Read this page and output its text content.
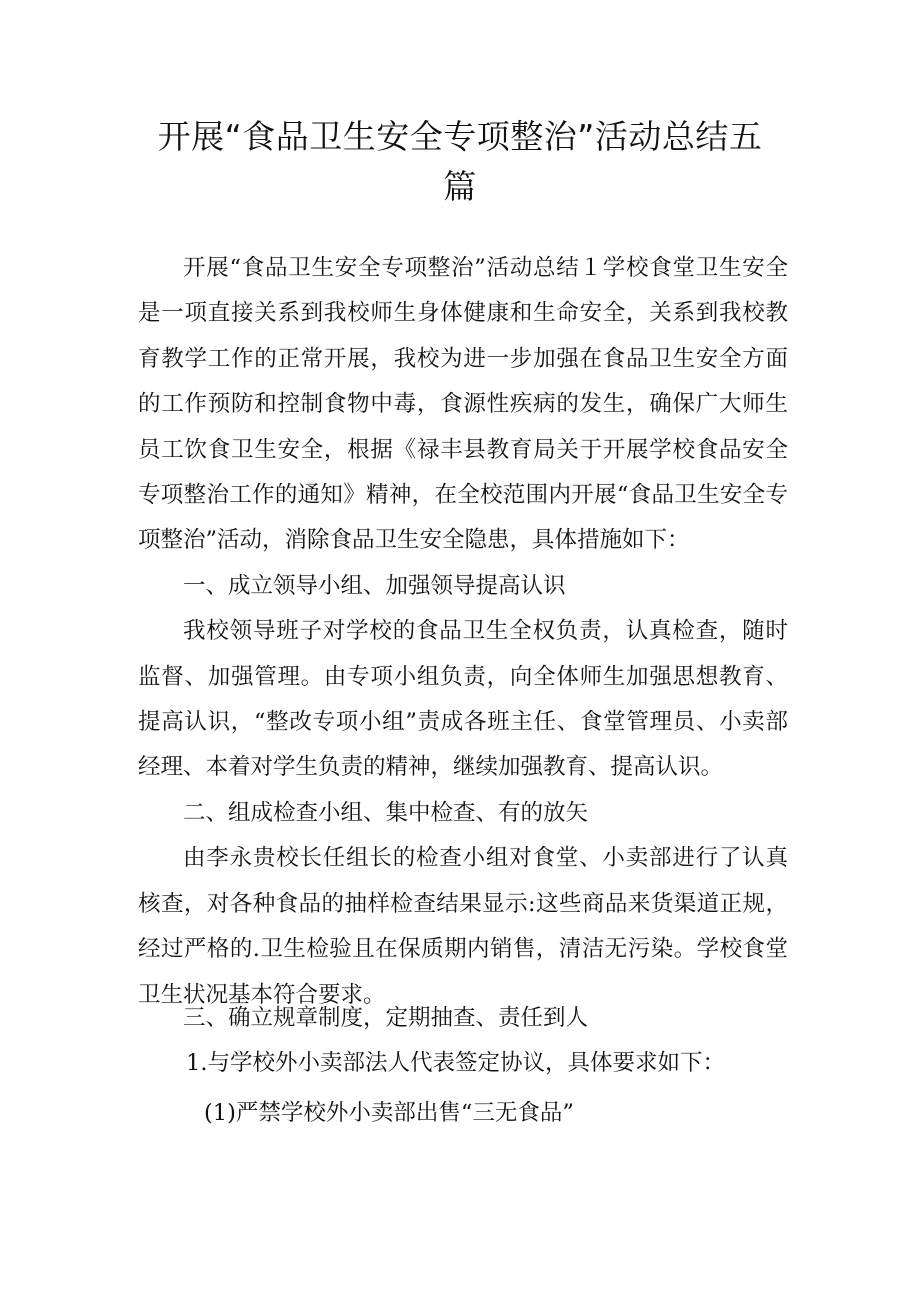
开展“食品卫生安全专项整治”活动总结五
篇

开展“食品卫生安全专项整治”活动总结１学校食堂卫生安全是一项直接关系到我校师生身体健康和生命安全，关系到我校教育教学工作的正常开展，我校为进一步加强在食品卫生安全方面的工作预防和控制食物中毒，食源性疾病的发生，确保广大师生员工饮食卫生安全，根据《禄丰县教育局关于开展学校食品安全专项整治工作的通知》精神，在全校范围内开展“食品卫生安全专项整治”活动，消除食品卫生安全隐患，具体措施如下：

一、成立领导小组、加强领导提高认识

我校领导班子对学校的食品卫生全权负责，认真检查，随时监督、加强管理。由专项小组负责，向全体师生加强思想教育、提高认识，“整改专项小组”责成各班主任、食堂管理员、小卖部经理、本着对学生负责的精神，继续加强教育、提高认识。

二、组成检查小组、集中检查、有的放矢

由李永贵校长任组长的检查小组对食堂、小卖部进行了认真核查，对各种食品的抽样检查结果显示:这些商品来货渠道正规，经过严格的.卫生检验且在保质期内销售，清洁无污染。学校食堂卫生状况基本符合要求。

三、确立规章制度，定期抽查、责任到人

1.与学校外小卖部法人代表签定协议，具体要求如下：

(1)严禁学校外小卖部出售“三无食品”
